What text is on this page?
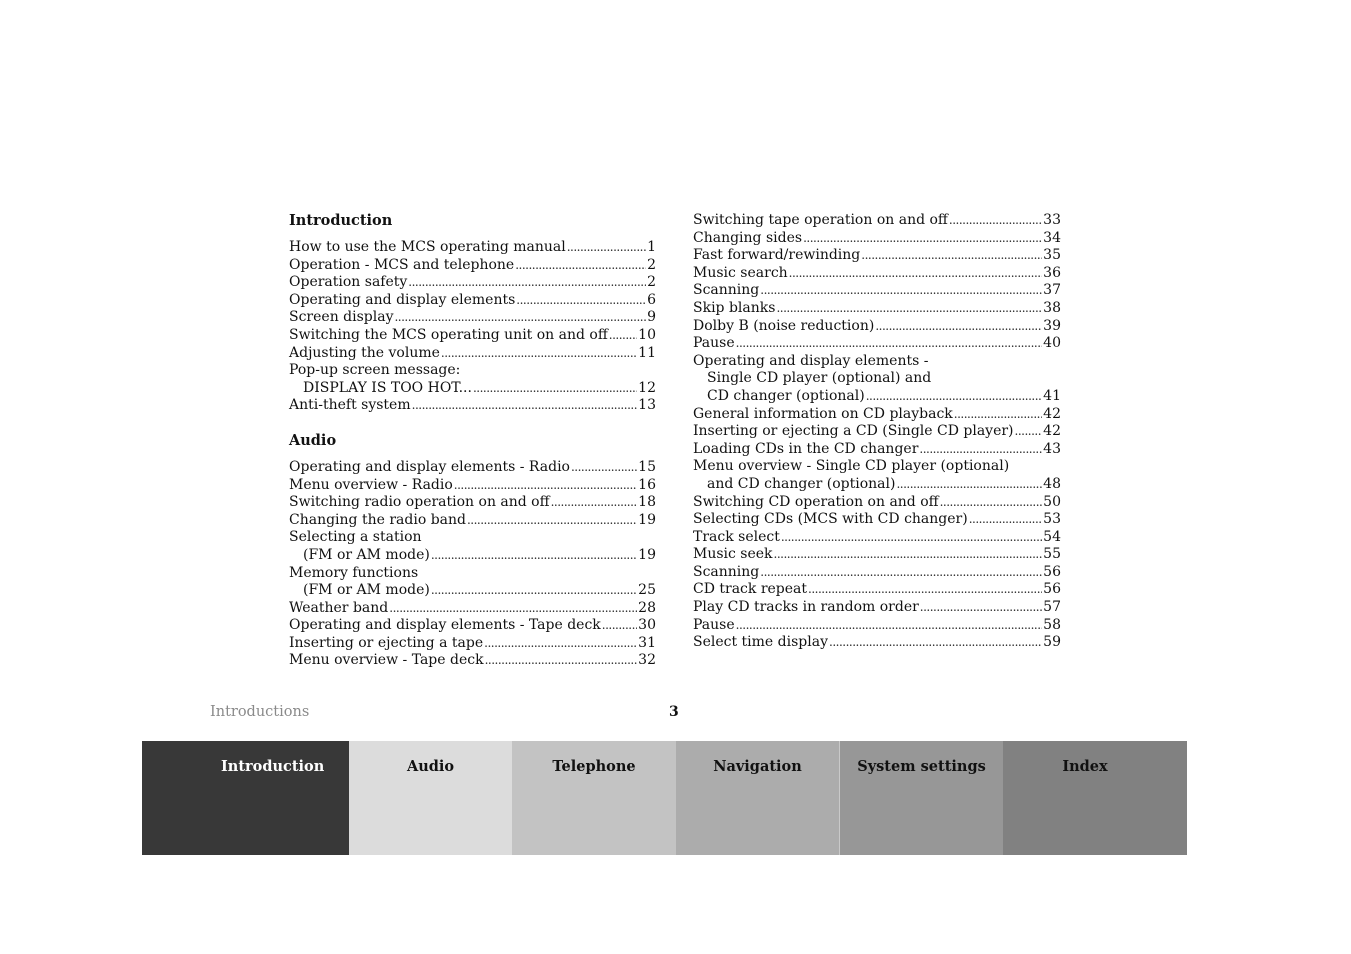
Introduction
How to use the MCS operating manual .....	1
Operation - MCS and telephone .....	2
Operation safety .....	2
Operating and display elements .....	6
Screen display .....	9
Switching the MCS operating unit on and off ..... 10
Adjusting the volume .....	11
Pop-up screen message:
DISPLAY IS TOO HOT... .....	12
Anti-theft system .....	13
Audio
Operating and display elements - Radio .....	15
Menu overview - Radio .....	16
Switching radio operation on and off .....	18
Changing the radio band .....	19
Selecting a station
(FM or AM mode) .....	19
Memory functions
(FM or AM mode) .....	25
Weather band .....	28
Operating and display elements - Tape deck .....	30
Inserting or ejecting a tape .....	31
Menu overview - Tape deck .....	32
Switching tape operation on and off .....	33
Changing sides .....	34
Fast forward/rewinding .....	35
Music search .....	36
Scanning .....	37
Skip blanks .....	38
Dolby B (noise reduction) .....	39
Pause .....	40
Operating and display elements -
Single CD player (optional) and
CD changer (optional) .....	41
General information on CD playback .....	42
Inserting or ejecting a CD (Single CD player) ..... 42
Loading CDs in the CD changer .....	43
Menu overview - Single CD player (optional)
and CD changer (optional) .....	48
Switching CD operation on and off .....	50
Selecting CDs (MCS with CD changer) .....	53
Track select .....	54
Music seek .....	55
Scanning .....	56
CD track repeat .....	56
Play CD tracks in random order .....	57
Pause .....	58
Select time display .....	59
Introductions	3
Introduction	Audio	Telephone	Navigation	System settings	Index
